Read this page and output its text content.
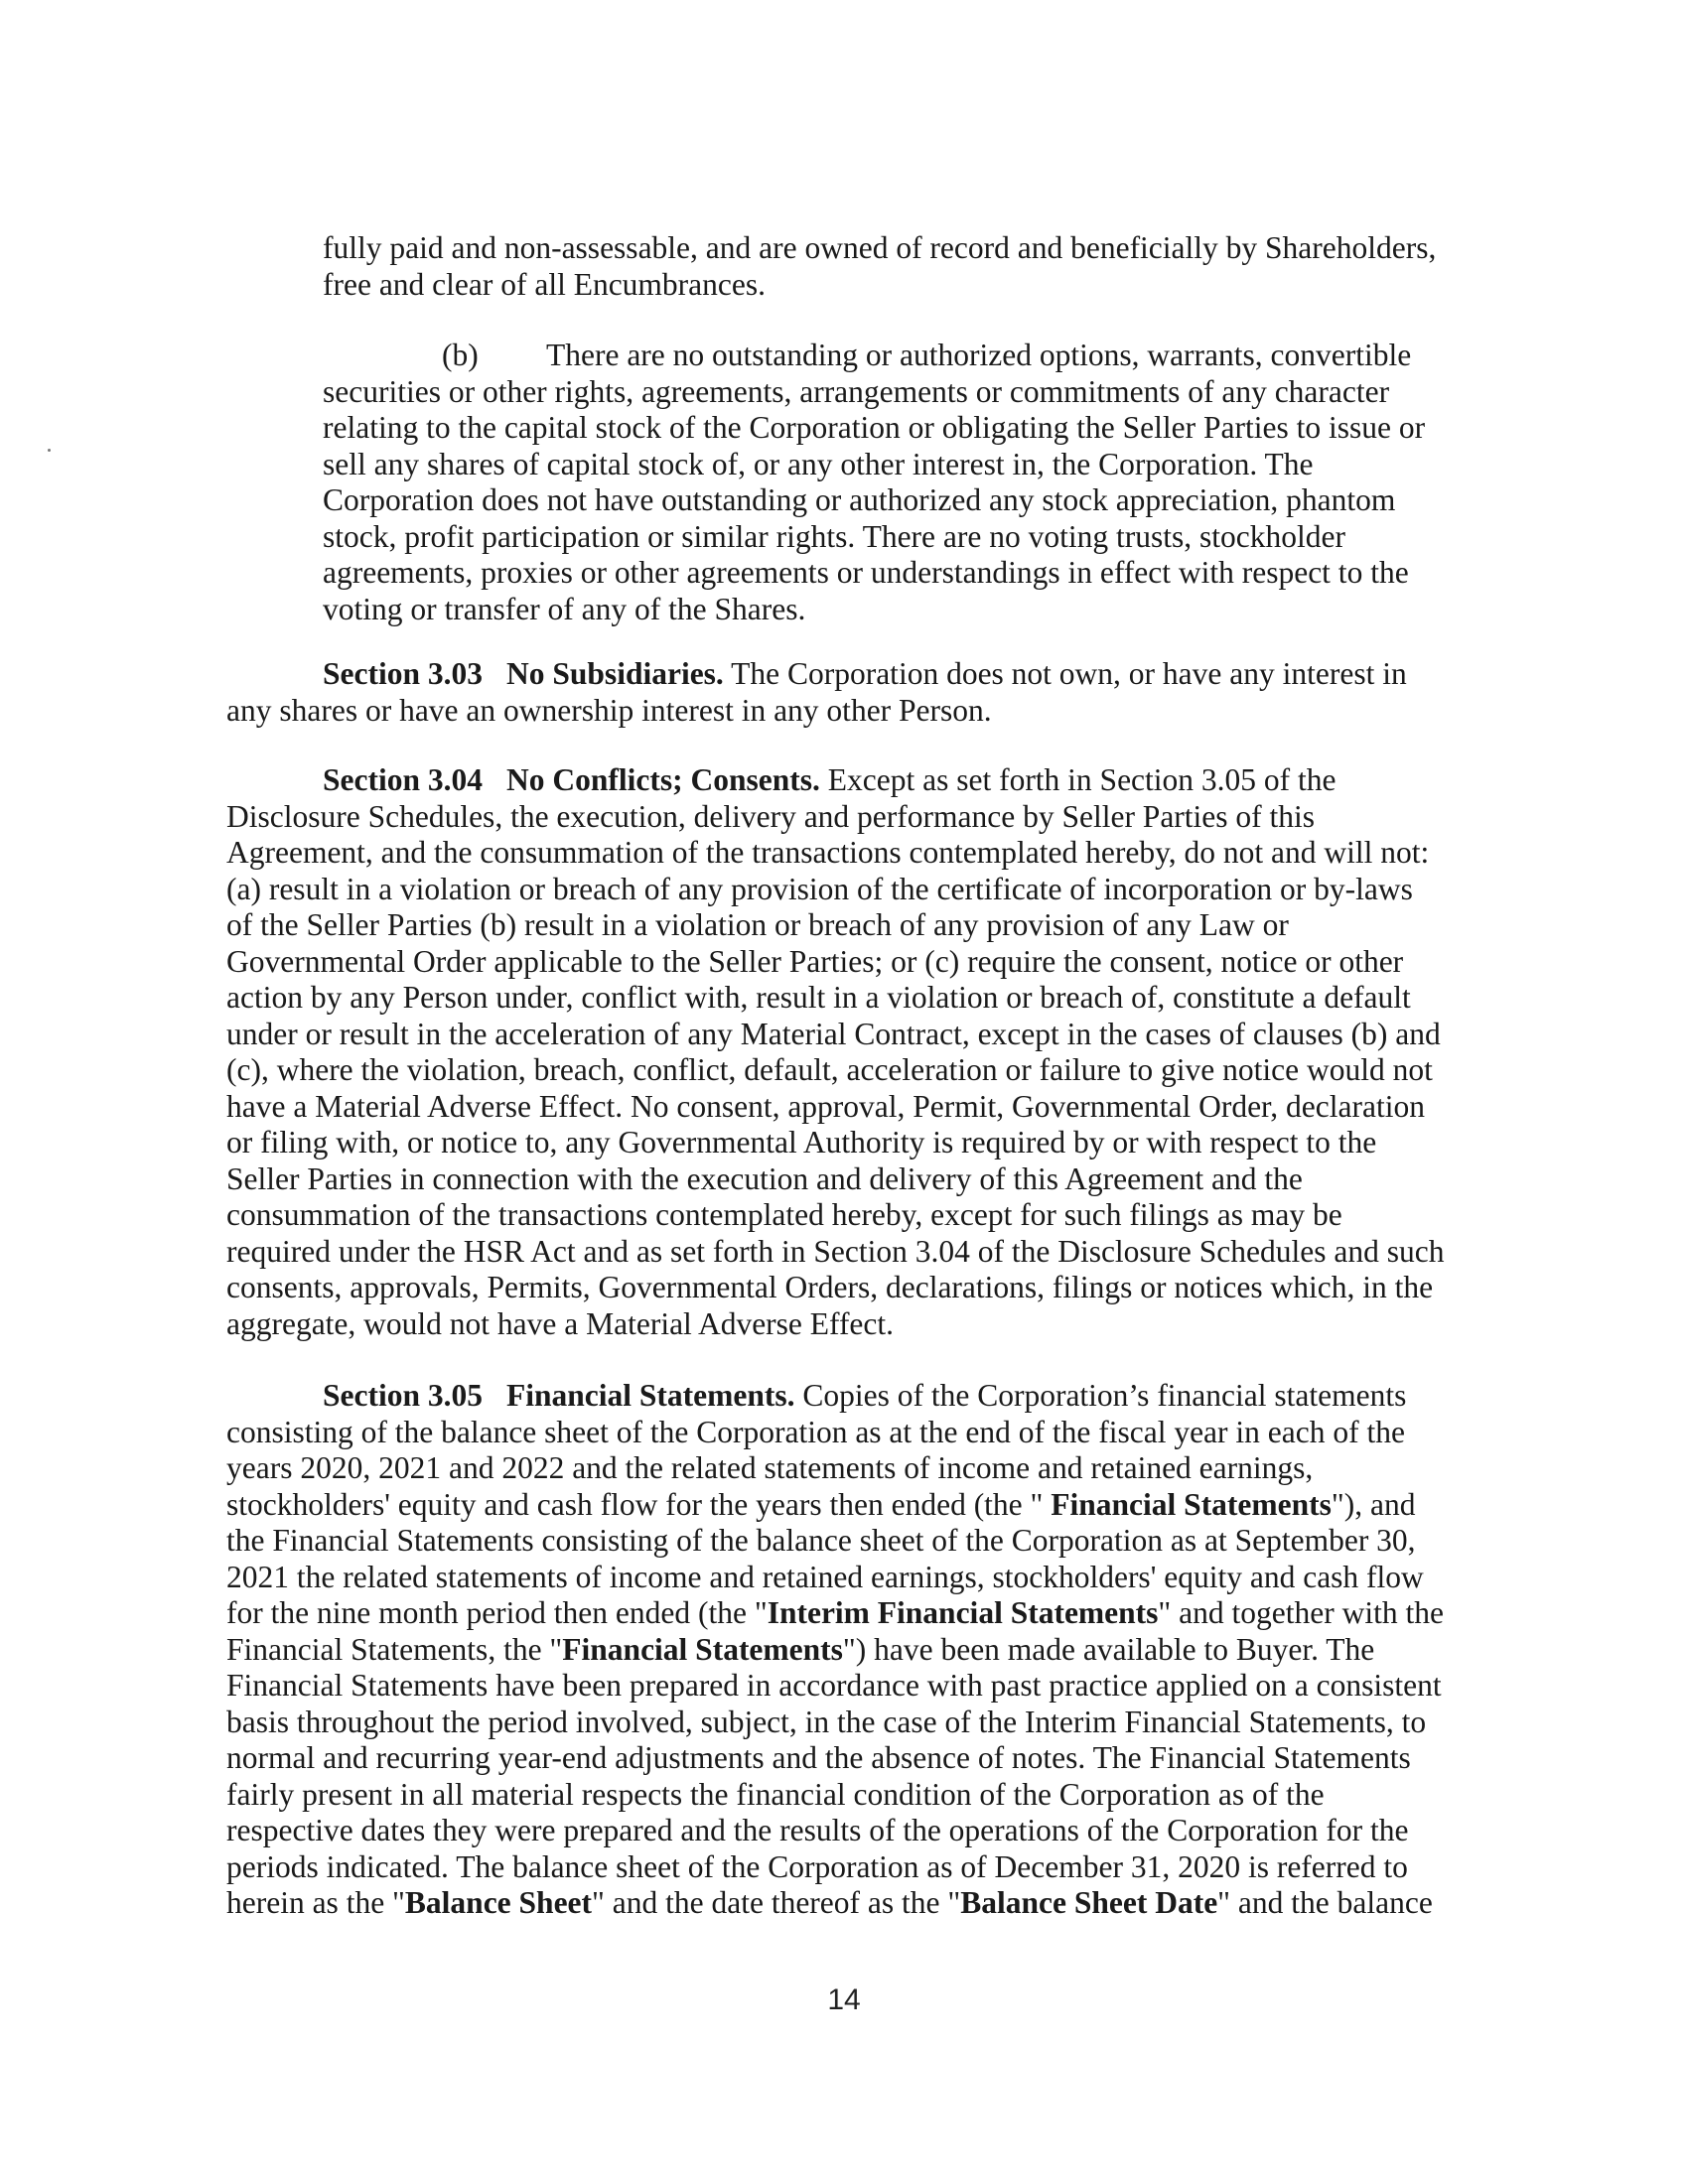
fully paid and non-assessable, and are owned of record and beneficially by Shareholders,
free and clear of all Encumbrances.
(b) There are no outstanding or authorized options, warrants, convertible
securities or other rights, agreements, arrangements or commitments of any character
relating to the capital stock of the Corporation or obligating the Seller Parties to issue or
sell any shares of capital stock of, or any other interest in, the Corporation. The
Corporation does not have outstanding or authorized any stock appreciation, phantom
stock, profit participation or similar rights. There are no voting trusts, stockholder
agreements, proxies or other agreements or understandings in effect with respect to the
voting or transfer of any of the Shares.
Section 3.03 No Subsidiaries. The Corporation does not own, or have any interest in
any shares or have an ownership interest in any other Person.
Section 3.04 No Conflicts; Consents. Except as set forth in Section 3.05 of the
Disclosure Schedules, the execution, delivery and performance by Seller Parties of this
Agreement, and the consummation of the transactions contemplated hereby, do not and will not:
(a) result in a violation or breach of any provision of the certificate of incorporation or by-laws
of the Seller Parties (b) result in a violation or breach of any provision of any Law or
Governmental Order applicable to the Seller Parties; or (c) require the consent, notice or other
action by any Person under, conflict with, result in a violation or breach of, constitute a default
under or result in the acceleration of any Material Contract, except in the cases of clauses (b) and
(c), where the violation, breach, conflict, default, acceleration or failure to give notice would not
have a Material Adverse Effect. No consent, approval, Permit, Governmental Order, declaration
or filing with, or notice to, any Governmental Authority is required by or with respect to the
Seller Parties in connection with the execution and delivery of this Agreement and the
consummation of the transactions contemplated hereby, except for such filings as may be
required under the HSR Act and as set forth in Section 3.04 of the Disclosure Schedules and such
consents, approvals, Permits, Governmental Orders, declarations, filings or notices which, in the
aggregate, would not have a Material Adverse Effect.
Section 3.05 Financial Statements. Copies of the Corporation’s financial statements
consisting of the balance sheet of the Corporation as at the end of the fiscal year in each of the
years 2020, 2021 and 2022 and the related statements of income and retained earnings,
stockholders' equity and cash flow for the years then ended (the " Financial Statements"), and
the Financial Statements consisting of the balance sheet of the Corporation as at September 30,
2021 the related statements of income and retained earnings, stockholders' equity and cash flow
for the nine month period then ended (the "Interim Financial Statements" and together with the
Financial Statements, the "Financial Statements") have been made available to Buyer. The
Financial Statements have been prepared in accordance with past practice applied on a consistent
basis throughout the period involved, subject, in the case of the Interim Financial Statements, to
normal and recurring year-end adjustments and the absence of notes. The Financial Statements
fairly present in all material respects the financial condition of the Corporation as of the
respective dates they were prepared and the results of the operations of the Corporation for the
periods indicated. The balance sheet of the Corporation as of December 31, 2020 is referred to
herein as the "Balance Sheet" and the date thereof as the "Balance Sheet Date" and the balance
14
